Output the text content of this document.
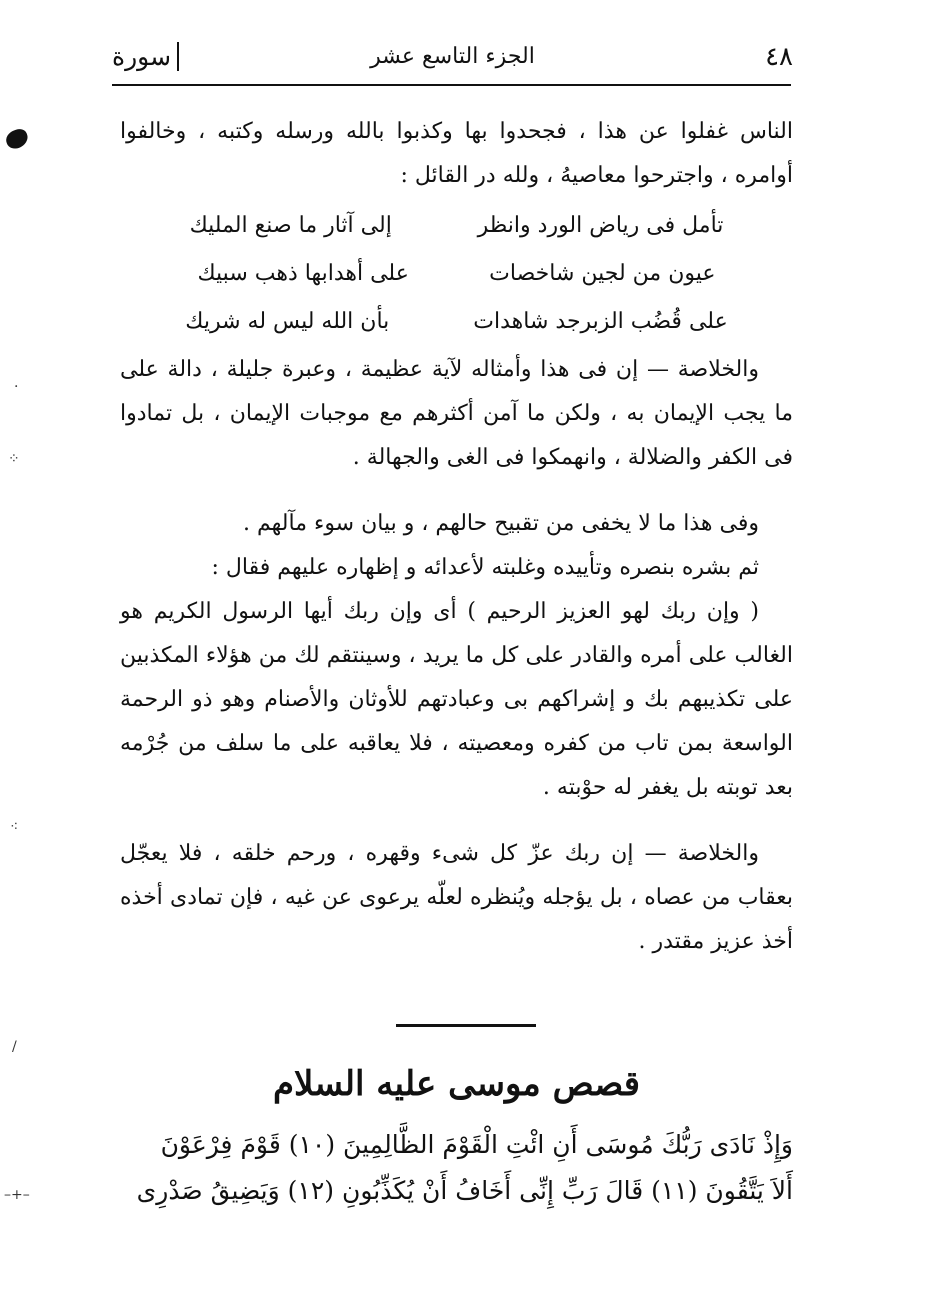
·
⁘
⁖
/
–+–
٤٨
الجزء التاسع عشر
سورة

الناس غفلوا عن هذا ، فجحدوا بها وكذبوا بالله ورسله وكتبه ، وخالفوا أوامره ، واجترحوا معاصيهُ ، ولله در القائل :

تأمل فى رياض الورد وانظر
إلى آثار ما صنع المليك
عيون من لجين شاخصات
على أهدابها ذهب سبيك
على قُضُب الزبرجد شاهدات
بأن الله ليس له شريك

والخلاصة — إن فى هذا وأمثاله لآية عظيمة ، وعبرة جليلة ، دالة على ما يجب الإيمان به ، ولكن ما آمن أكثرهم مع موجبات الإيمان ، بل تمادوا فى الكفر والضلالة ، وانهمكوا فى الغى والجهالة .

وفى هذا ما لا يخفى من تقبيح حالهم ، و بيان سوء مآلهم .

ثم بشره بنصره وتأييده وغلبته لأعدائه و إظهاره عليهم فقال :

( وإن ربك لهو العزيز الرحيم ) أى وإن ربك أيها الرسول الكريم هو الغالب على أمره والقادر على كل ما يريد ، وسينتقم لك من هؤلاء المكذبين على تكذيبهم بك و إشراكهم بى وعبادتهم للأوثان والأصنام وهو ذو الرحمة الواسعة بمن تاب من كفره ومعصيته ، فلا يعاقبه على ما سلف من جُرْمه بعد توبته بل يغفر له حوْبته .

والخلاصة — إن ربك عزّ كل شىء وقهره ، ورحم خلقه ، فلا يعجّل بعقاب من عصاه ، بل يؤجله ويُنظره لعلّه يرعوى عن غيه ، فإن تمادى أخذه أخذ عزيز مقتدر .

قصص موسى عليه السلام

وَإِذْ نَادَى رَبُّكَ مُوسَى أَنِ ائْتِ الْقَوْمَ الظَّالِمِينَ (١٠) قَوْمَ فِرْعَوْنَ

أَلاَ يَتَّقُونَ (١١) قَالَ رَبِّ إِنِّى أَخَافُ أَنْ يُكَذِّبُونِ (١٢) وَيَضِيقُ صَدْرِى
